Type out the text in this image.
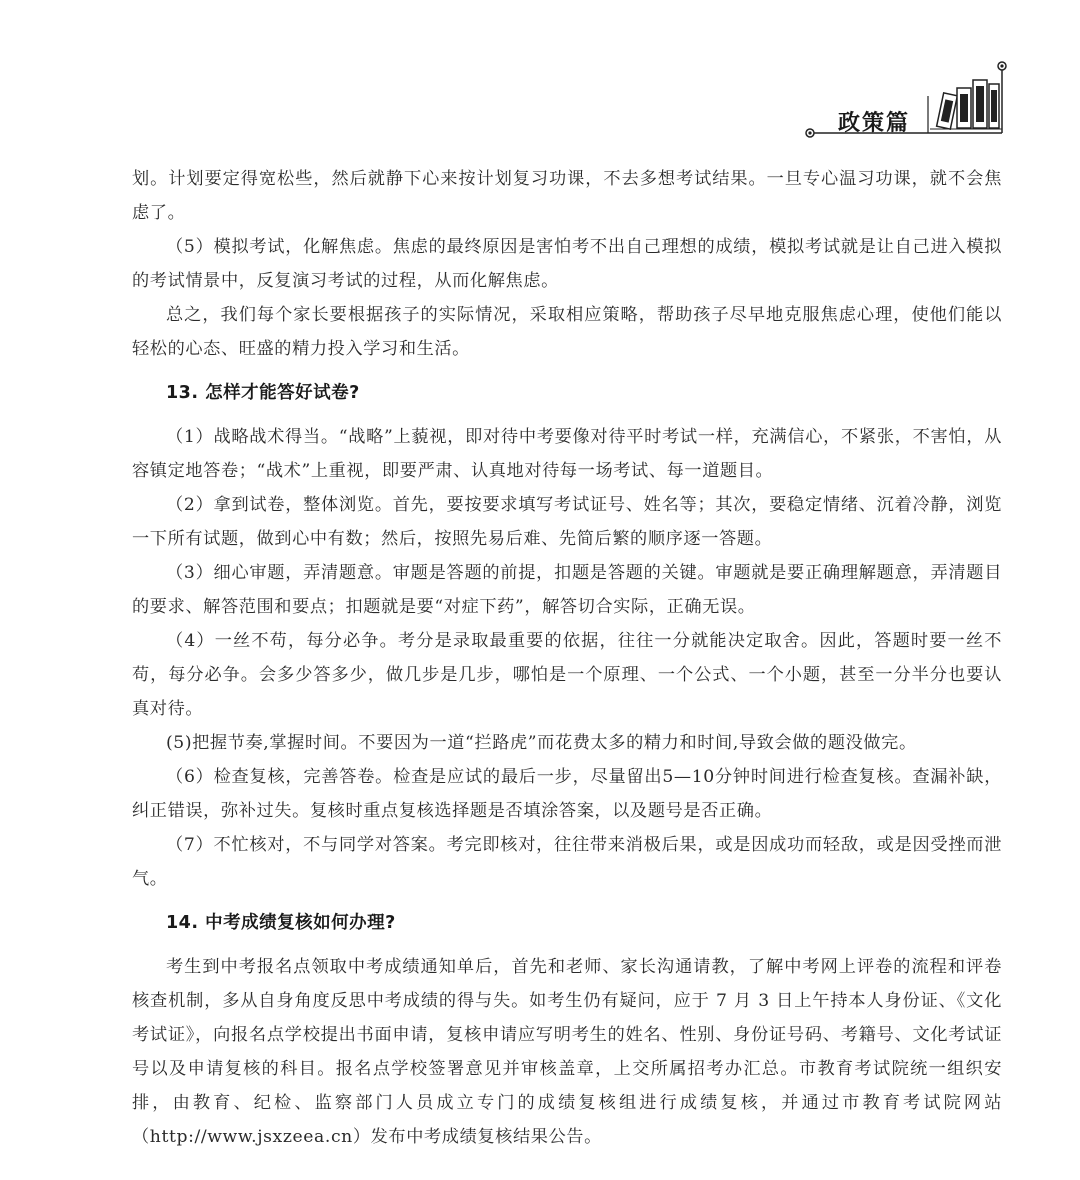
政策篇

划。计划要定得宽松些，然后就静下心来按计划复习功课，不去多想考试结果。一旦专心温习功课，就不会焦虑了。

（5）模拟考试，化解焦虑。焦虑的最终原因是害怕考不出自己理想的成绩，模拟考试就是让自己进入模拟的考试情景中，反复演习考试的过程，从而化解焦虑。

总之，我们每个家长要根据孩子的实际情况，采取相应策略，帮助孩子尽早地克服焦虑心理，使他们能以轻松的心态、旺盛的精力投入学习和生活。

13. 怎样才能答好试卷?

（1）战略战术得当。“战略”上藐视，即对待中考要像对待平时考试一样，充满信心，不紧张，不害怕，从容镇定地答卷；“战术”上重视，即要严肃、认真地对待每一场考试、每一道题目。

（2）拿到试卷，整体浏览。首先，要按要求填写考试证号、姓名等；其次，要稳定情绪、沉着冷静，浏览一下所有试题，做到心中有数；然后，按照先易后难、先简后繁的顺序逐一答题。

（3）细心审题，弄清题意。审题是答题的前提，扣题是答题的关键。审题就是要正确理解题意，弄清题目的要求、解答范围和要点；扣题就是要“对症下药”，解答切合实际，正确无误。

（4）一丝不苟，每分必争。考分是录取最重要的依据，往往一分就能决定取舍。因此，答题时要一丝不苟，每分必争。会多少答多少，做几步是几步，哪怕是一个原理、一个公式、一个小题，甚至一分半分也要认真对待。

(5)把握节奏,掌握时间。不要因为一道“拦路虎”而花费太多的精力和时间,导致会做的题没做完。

（6）检查复核，完善答卷。检查是应试的最后一步，尽量留出5—10分钟时间进行检查复核。查漏补缺，纠正错误，弥补过失。复核时重点复核选择题是否填涂答案，以及题号是否正确。

（7）不忙核对，不与同学对答案。考完即核对，往往带来消极后果，或是因成功而轻敌，或是因受挫而泄气。

14. 中考成绩复核如何办理?

考生到中考报名点领取中考成绩通知单后，首先和老师、家长沟通请教，了解中考网上评卷的流程和评卷核查机制，多从自身角度反思中考成绩的得与失。如考生仍有疑问，应于 7 月 3 日上午持本人身份证、《文化考试证》，向报名点学校提出书面申请，复核申请应写明考生的姓名、性别、身份证号码、考籍号、文化考试证号以及申请复核的科目。报名点学校签署意见并审核盖章，上交所属招考办汇总。市教育考试院统一组织安排，由教育、纪检、监察部门人员成立专门的成绩复核组进行成绩复核，并通过市教育考试院网站（http://www.jsxzeea.cn）发布中考成绩复核结果公告。
